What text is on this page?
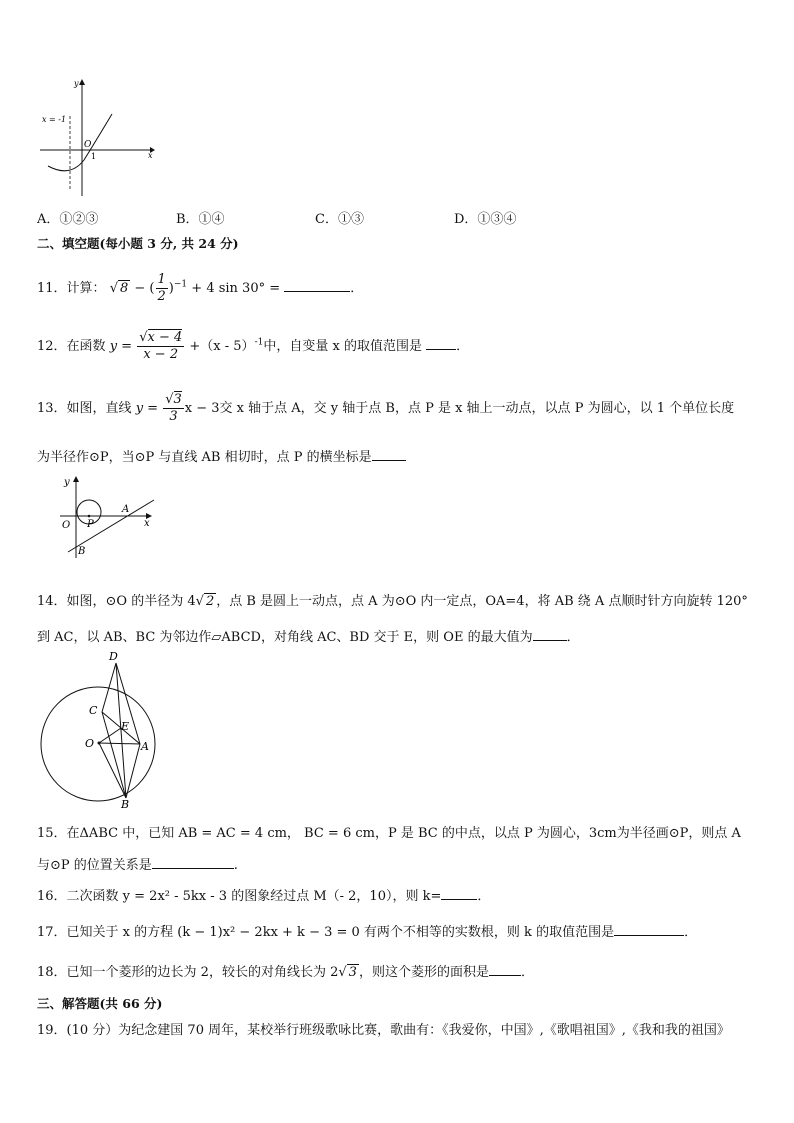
y
x
x = -1
O
1
A．①②③	B．①④	C．①③	D．①③④
二、填空题(每小题 3 分, 共 24 分)
11．计算： √ 8 − ( $\frac{1}{2} )^{-1} + 4$ sin 30° =	．
12．在函数 $y = \frac{√x - 4}{x - 2} +(x - 5)^{-1}$中，自变量 x 的取值范围是	．
13．如图，直线 $y = \frac{√3}{3}$ x − 3交 x 轴于点 A，交 y 轴于点 B，点 P 是 x 轴上一动点，以点 P 为圆心，以 1 个单位长度
为半径作⊙P，当⊙P 与直线 AB 相切时，点 P 的横坐标是
y
x
O P
A
B
14．如图，⊙O 的半径为 4√ 2 ，点 B 是圆上一动点，点 A 为⊙O 内一定点，OA=4，将 AB 绕 A 点顺时针方向旋转 120°
到 AC，以 AB、BC 为邻边作▱ABCD，对角线 AC、BD 交于 E，则 OE 的最大值为	．
D
C
E
O	A
B
15．在ΔABC 中，已知 AB = AC = 4 cm， BC = 6 cm，P 是 BC 的中点，以点 P 为圆心，3cm为半径画⊙P，则点 A
与⊙P 的位置关系是	.
16．二次函数 y = 2x² - 5kx - 3 的图象经过点 M（- 2，10），则 k=	．
17．已知关于 x 的方程 (k − 1)x² − 2kx + k − 3 = 0 有两个不相等的实数根，则 k 的取值范围是	．
18．已知一个菱形的边长为 2，较长的对角线长为 2√ 3 ，则这个菱形的面积是 ．
三、解答题(共 66 分)
19．(10 分）为纪念建国 70 周年，某校举行班级歌咏比赛，歌曲有：《我爱你，中国》,《歌唱祖国》,《我和我的祖国》
